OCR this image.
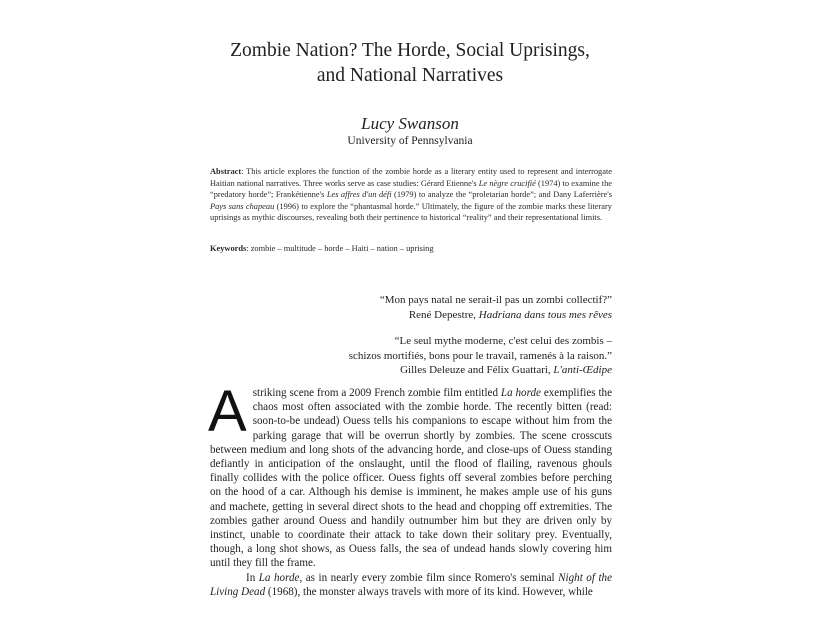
Zombie Nation? The Horde, Social Uprisings,
and National Narratives
Lucy Swanson
University of Pennsylvania
Abstract: This article explores the function of the zombie horde as a literary entity used to represent and interrogate Haitian national narratives. Three works serve as case studies: Gérard Etienne's Le nègre crucifié (1974) to examine the “predatory horde”; Frankétienne's Les affres d'un défi (1979) to analyze the “proletarian horde”; and Dany Laferrière's Pays sans chapeau (1996) to explore the “phantasmal horde.” Ultimately, the figure of the zombie marks these literary uprisings as mythic discourses, revealing both their pertinence to historical “reality” and their representational limits.
Keywords: zombie – multitude – horde – Haiti – nation – uprising
“Mon pays natal ne serait-il pas un zombi collectif?”
René Depestre, Hadriana dans tous mes rêves
“Le seul mythe moderne, c'est celui des zombis –
schizos mortifiés, bons pour le travail, ramenés à la raison.”
Gilles Deleuze and Félix Guattari, L'anti-Œdipe
Astriking scene from a 2009 French zombie film entitled La horde exemplifies the chaos most often associated with the zombie horde. The recently bitten (read: soon-to-be undead) Ouess tells his companions to escape without him from the parking garage that will be overrun shortly by zombies. The scene crosscuts between medium and long shots of the advancing horde, and close-ups of Ouess standing defiantly in anticipation of the onslaught, until the flood of flailing, ravenous ghouls finally collides with the police officer. Ouess fights off several zombies before perching on the hood of a car. Although his demise is imminent, he makes ample use of his guns and machete, getting in several direct shots to the head and chopping off extremities. The zombies gather around Ouess and handily outnumber him but they are driven only by instinct, unable to coordinate their attack to take down their solitary prey. Eventually, though, a long shot shows, as Ouess falls, the sea of undead hands slowly covering him until they fill the frame.
In La horde, as in nearly every zombie film since Romero's seminal Night of the Living Dead (1968), the monster always travels with more of its kind. However, while
